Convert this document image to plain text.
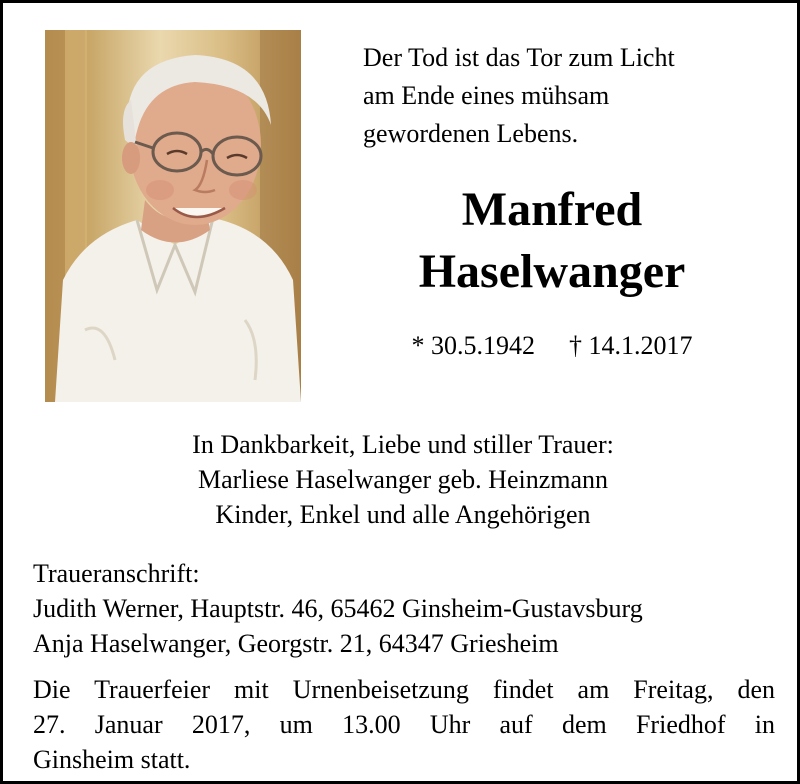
Der Tod ist das Tor zum Licht
am Ende eines mühsam
gewordenen Lebens.
Manfred
Haselwanger
* 30.5.1942 † 14.1.2017
In Dankbarkeit, Liebe und stiller Trauer:
Marliese Haselwanger geb. Heinzmann
Kinder, Enkel und alle Angehörigen
Traueranschrift:
Judith Werner, Hauptstr. 46, 65462 Ginsheim-Gustavsburg
Anja Haselwanger, Georgstr. 21, 64347 Griesheim
Die Trauerfeier mit Urnenbeisetzung findet am Freitag, den
27. Januar 2017, um 13.00 Uhr auf dem Friedhof in
Ginsheim statt.
